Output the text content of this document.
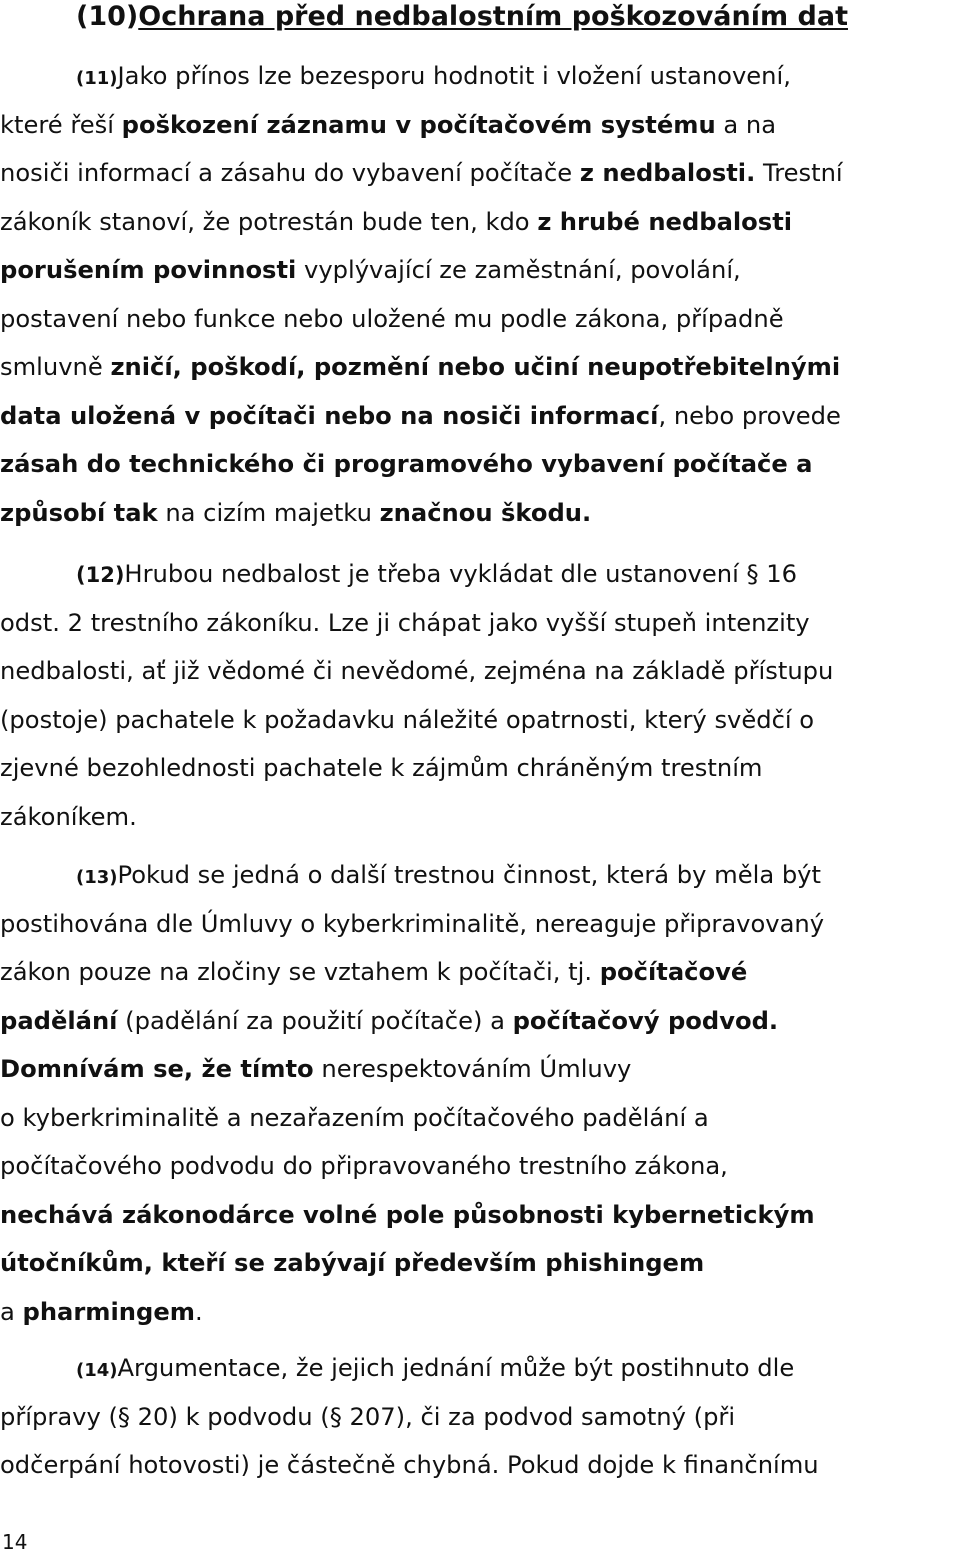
(10)Ochrana před nedbalostním poškozováním dat
(11)Jako přínos lze bezesporu hodnotit i vložení ustanovení,
které řeší poškození záznamu v počítačovém systému a na
nosiči informací a zásahu do vybavení počítače z nedbalosti. Trestní
zákoník stanoví, že potrestán bude ten, kdo z hrubé nedbalosti
porušením povinnosti vyplývající ze zaměstnání, povolání,
postavení nebo funkce nebo uložené mu podle zákona, případně
smluvně zničí, poškodí, pozmění nebo učiní neupotřebitelnými
data uložená v počítači nebo na nosiči informací, nebo provede
zásah do technického či programového vybavení počítače a
způsobí tak na cizím majetku značnou škodu.
(12)Hrubou nedbalost je třeba vykládat dle ustanovení § 16
odst. 2 trestního zákoníku. Lze ji chápat jako vyšší stupeň intenzity
nedbalosti, ať již vědomé či nevědomé, zejména na základě přístupu
(postoje) pachatele k požadavku náležité opatrnosti, který svědčí o
zjevné bezohlednosti pachatele k zájmům chráněným trestním
zákoníkem.
(13)Pokud se jedná o další trestnou činnost, která by měla být
postihována dle Úmluvy o kyberkriminalitě, nereaguje připravovaný
zákon pouze na zločiny se vztahem k počítači, tj. počítačové
padělání (padělání za použití počítače) a počítačový podvod.
Domnívám se, že tímto nerespektováním Úmluvy
o kyberkriminalitě a nezařazením počítačového padělání a
počítačového podvodu do připravovaného trestního zákona,
nechává zákonodárce volné pole působnosti kybernetickým
útočníkům, kteří se zabývají především phishingem
a pharmingem.
(14)Argumentace, že jejich jednání může být postihnuto dle
přípravy (§ 20) k podvodu (§ 207), či za podvod samotný (při
odčerpání hotovosti) je částečně chybná. Pokud dojde k finančnímu
14
